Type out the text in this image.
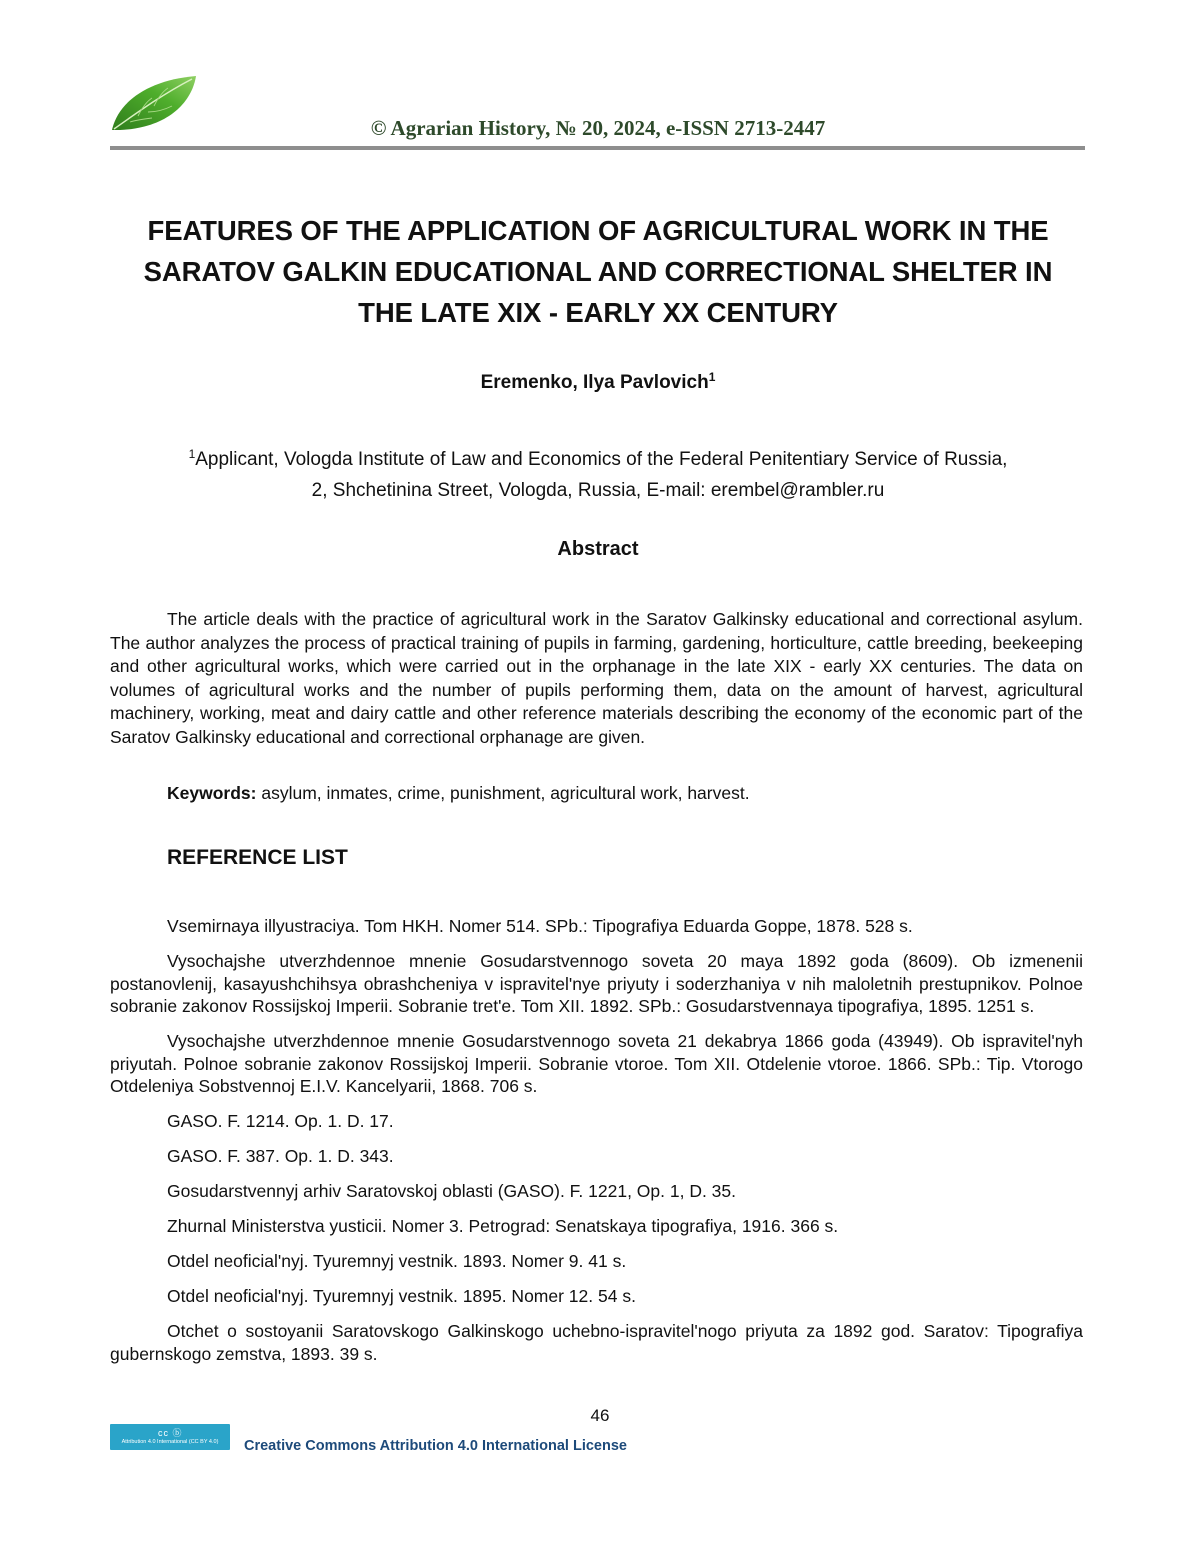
© Agrarian History, № 20, 2024, e-ISSN 2713-2447
FEATURES OF THE APPLICATION OF AGRICULTURAL WORK IN THE
SARATOV GALKIN EDUCATIONAL AND CORRECTIONAL SHELTER IN
THE LATE XIX - EARLY XX CENTURY
Eremenko, Ilya Pavlovich$^1$
$^1$Applicant, Vologda Institute of Law and Economics of the Federal Penitentiary Service of Russia,
2, Shchetinina Street, Vologda, Russia, E-mail: erembel@rambler.ru
Abstract

The article deals with the practice of agricultural work in the Saratov Galkinsky educational and correctional asylum. The author analyzes the process of practical training of pupils in farming, gardening, horticulture, cattle breeding, beekeeping and other agricultural works, which were carried out in the orphanage in the late XIX - early XX centuries. The data on volumes of agricultural works and the number of pupils performing them, data on the amount of harvest, agricultural machinery, working, meat and dairy cattle and other reference materials describing the economy of the economic part of the Saratov Galkinsky educational and correctional orphanage are given.

Keywords: asylum, inmates, crime, punishment, agricultural work, harvest.
REFERENCE LIST
Vsemirnaya illyustraciya. Tom HKH. Nomer 514. SPb.: Tipografiya Eduarda Goppe, 1878. 528 s.
Vysochajshe utverzhdennoe mnenie Gosudarstvennogo soveta 20 maya 1892 goda (8609). Ob izmenenii postanovlenij, kasayushchihsya obrashcheniya v ispravitel'nye priyuty i soderzhaniya v nih maloletnih prestupnikov. Polnoe sobranie zakonov Rossijskoj Imperii. Sobranie tret'e. Tom XII. 1892. SPb.: Gosudarstvennaya tipografiya, 1895. 1251 s.
Vysochajshe utverzhdennoe mnenie Gosudarstvennogo soveta 21 dekabrya 1866 goda (43949). Ob ispravitel'nyh priyutah. Polnoe sobranie zakonov Rossijskoj Imperii. Sobranie vtoroe. Tom XII. Otdelenie vtoroe. 1866. SPb.: Tip. Vtorogo Otdeleniya Sobstvennoj E.I.V. Kancelyarii, 1868. 706 s.
GASO. F. 1214. Op. 1. D. 17.
GASO. F. 387. Op. 1. D. 343.
Gosudarstvennyj arhiv Saratovskoj oblasti (GASO). F. 1221, Op. 1, D. 35.
Zhurnal Ministerstva yusticii. Nomer 3. Petrograd: Senatskaya tipografiya, 1916. 366 s.
Otdel neoficial'nyj. Tyuremnyj vestnik. 1893. Nomer 9. 41 s.
Otdel neoficial'nyj. Tyuremnyj vestnik. 1895. Nomer 12. 54 s.
Otchet o sostoyanii Saratovskogo Galkinskogo uchebno-ispravitel'nogo priyuta za 1892 god. Saratov: Tipografiya gubernskogo zemstva, 1893. 39 s.
46
cc ⓑ
Attribution 4.0 International (CC BY 4.0)	Creative Commons Attribution 4.0 International License
